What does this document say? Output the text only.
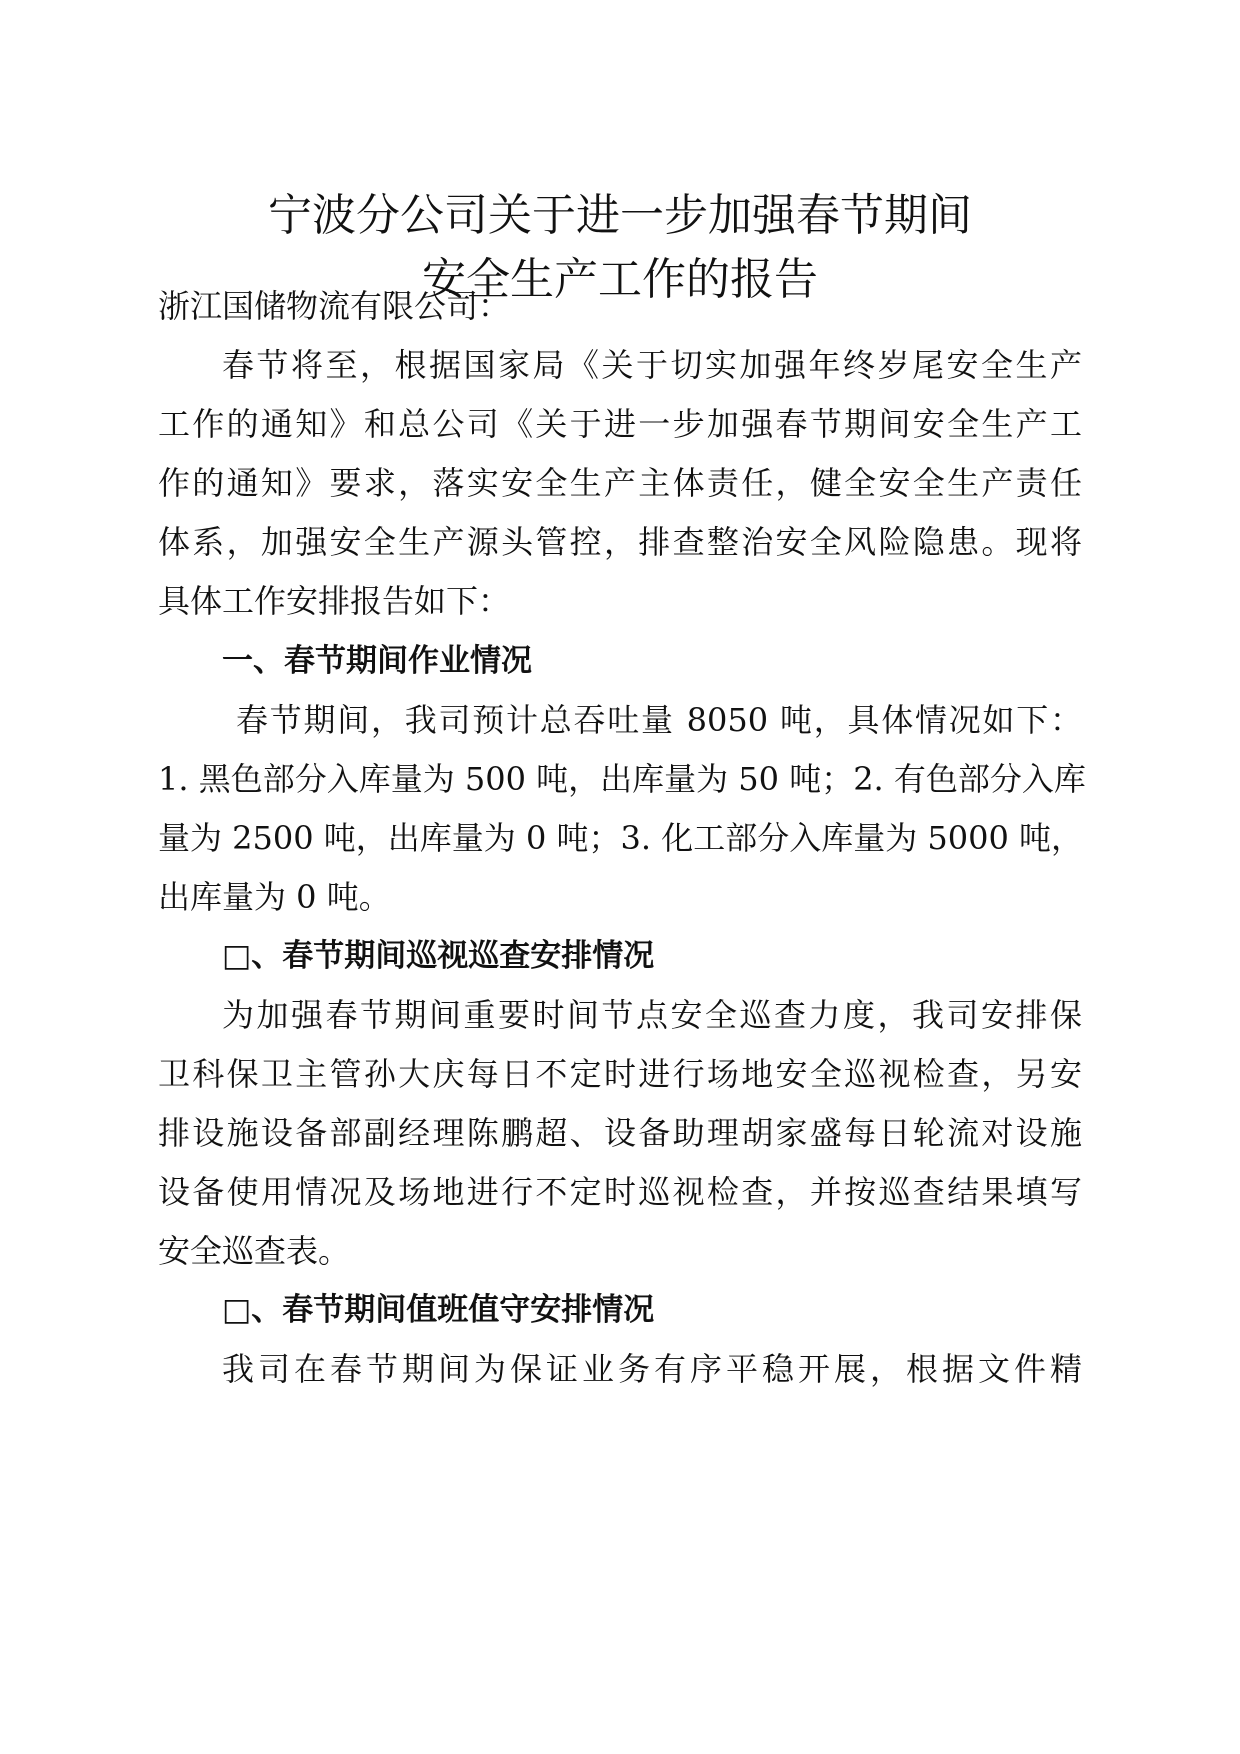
宁波分公司关于进一步加强春节期间
安全生产工作的报告

浙江国储物流有限公司：

春节将至，根据国家局《关于切实加强年终岁尾安全生产

工作的通知》和总公司《关于进一步加强春节期间安全生产工

作的通知》要求，落实安全生产主体责任，健全安全生产责任

体系，加强安全生产源头管控，排查整治安全风险隐患。现将

具体工作安排报告如下：

一、春节期间作业情况

春节期间，我司预计总吞吐量 8050 吨，具体情况如下：

1. 黑色部分入库量为 500 吨，出库量为 50 吨；2. 有色部分入库

量为 2500 吨，出库量为 0 吨；3. 化工部分入库量为 5000 吨，

出库量为 0 吨。

□、春节期间巡视巡查安排情况

为加强春节期间重要时间节点安全巡查力度，我司安排保

卫科保卫主管孙大庆每日不定时进行场地安全巡视检查，另安

排设施设备部副经理陈鹏超、设备助理胡家盛每日轮流对设施

设备使用情况及场地进行不定时巡视检查，并按巡查结果填写

安全巡查表。

□、春节期间值班值守安排情况

我司在春节期间为保证业务有序平稳开展，根据文件精
